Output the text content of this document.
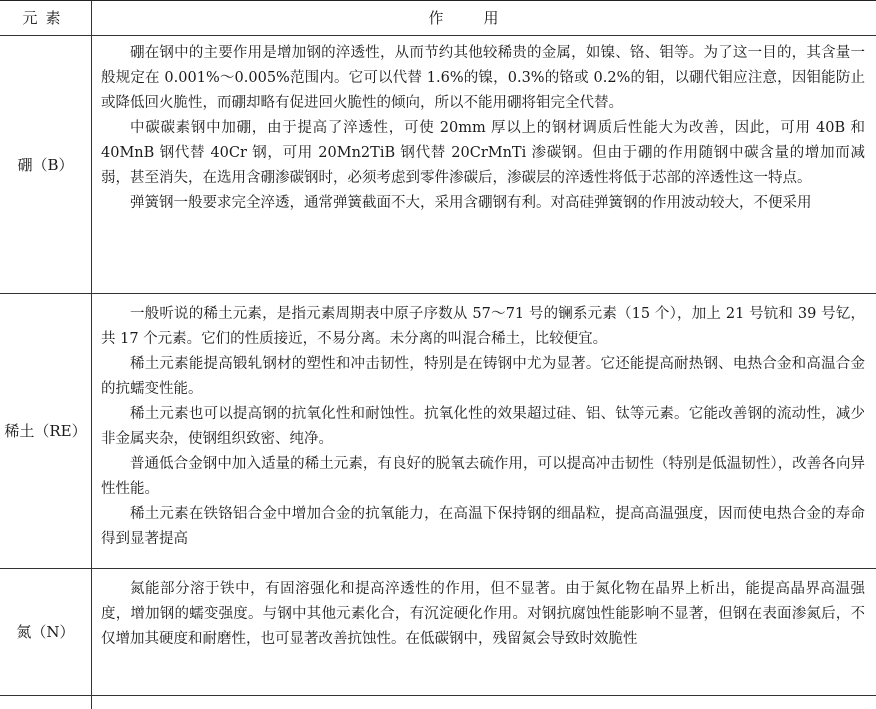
元素	作用
硼（B）

硼在钢中的主要作用是增加钢的淬透性，从而节约其他较稀贵的金属，如镍、铬、钼等。为了这一目的，其含量一般规定在 0.001%～0.005%范围内。它可以代替 1.6%的镍，0.3%的铬或 0.2%的钼，以硼代钼应注意，因钼能防止或降低回火脆性，而硼却略有促进回火脆性的倾向，所以不能用硼将钼完全代替。

中碳碳素钢中加硼，由于提高了淬透性，可使 20mm 厚以上的钢材调质后性能大为改善，因此，可用 40B 和 40MnB 钢代替 40Cr 钢，可用 20Mn2TiB 钢代替 20CrMnTi 渗碳钢。但由于硼的作用随钢中碳含量的增加而减弱，甚至消失，在选用含硼渗碳钢时，必须考虑到零件渗碳后，渗碳层的淬透性将低于芯部的淬透性这一特点。

弹簧钢一般要求完全淬透，通常弹簧截面不大，采用含硼钢有利。对高硅弹簧钢的作用波动较大，不便采用

稀土（RE）

一般听说的稀土元素，是指元素周期表中原子序数从 57～71 号的镧系元素（15 个），加上 21 号钪和 39 号钇，共 17 个元素。它们的性质接近，不易分离。未分离的叫混合稀土，比较便宜。

稀土元素能提高锻轧钢材的塑性和冲击韧性，特别是在铸钢中尤为显著。它还能提高耐热钢、电热合金和高温合金的抗蠕变性能。

稀土元素也可以提高钢的抗氧化性和耐蚀性。抗氧化性的效果超过硅、铝、钛等元素。它能改善钢的流动性，减少非金属夹杂，使钢组织致密、纯净。

普通低合金钢中加入适量的稀土元素，有良好的脱氧去硫作用，可以提高冲击韧性（特别是低温韧性），改善各向异性性能。

稀土元素在铁铬铝合金中增加合金的抗氧能力，在高温下保持钢的细晶粒，提高高温强度，因而使电热合金的寿命得到显著提高

氮（N）

氮能部分溶于铁中，有固溶强化和提高淬透性的作用，但不显著。由于氮化物在晶界上析出，能提高晶界高温强度，增加钢的蠕变强度。与钢中其他元素化合，有沉淀硬化作用。对钢抗腐蚀性能影响不显著，但钢在表面渗氮后，不仅增加其硬度和耐磨性，也可显著改善抗蚀性。在低碳钢中，残留氮会导致时效脆性
